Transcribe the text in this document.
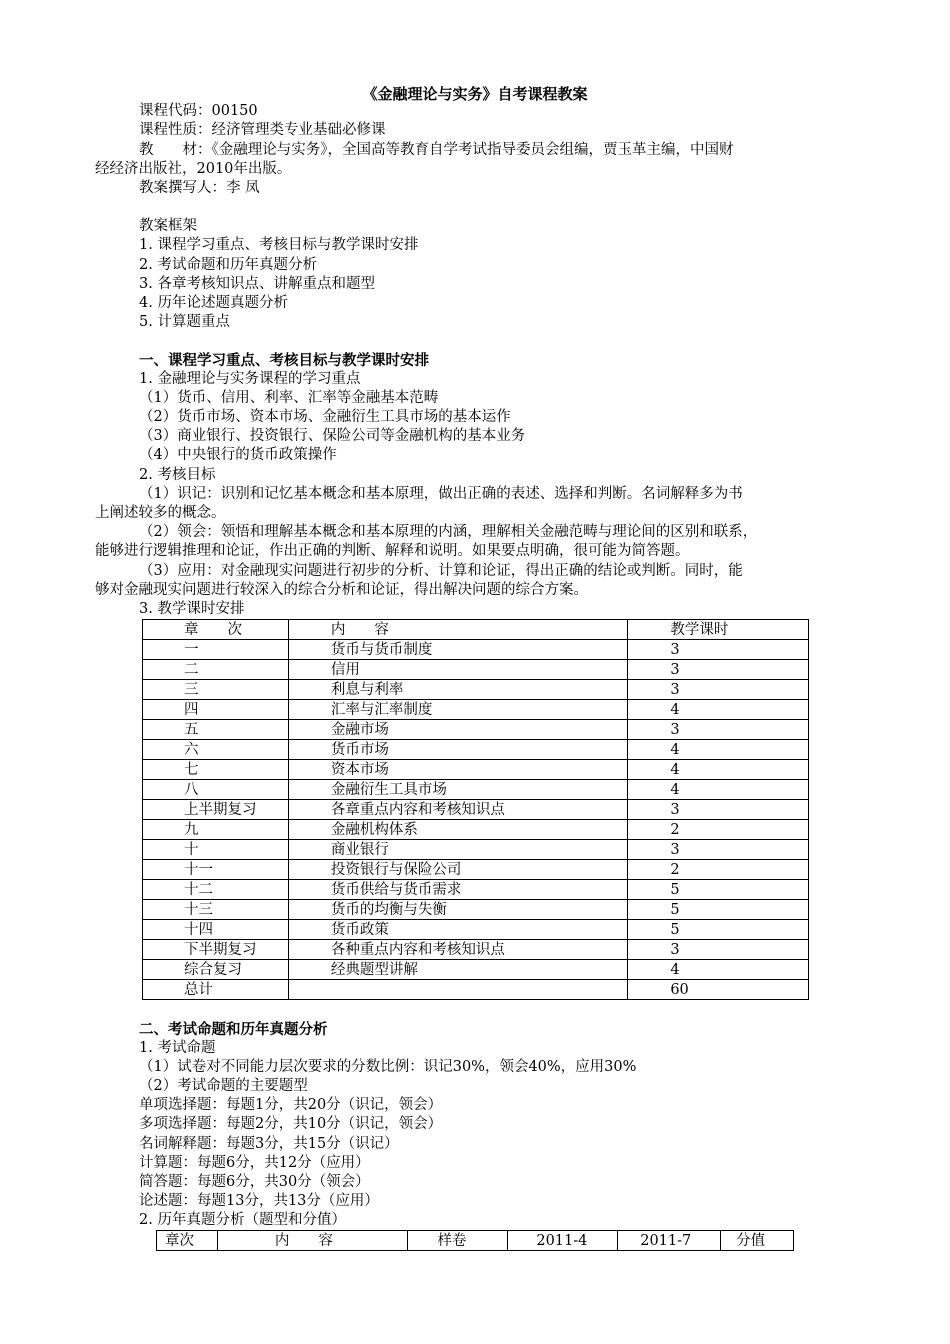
《金融理论与实务》自考课程教案
课程代码：00150
课程性质：经济管理类专业基础必修课
教　　材：《金融理论与实务》，全国高等教育自学考试指导委员会组编，贾玉革主编，中国财
经经济出版社，2010年出版。
教案撰写人：李 凤
教案框架
1. 课程学习重点、考核目标与教学课时安排
2. 考试命题和历年真题分析
3. 各章考核知识点、讲解重点和题型
4. 历年论述题真题分析
5. 计算题重点
一、课程学习重点、考核目标与教学课时安排
1. 金融理论与实务课程的学习重点
（1）货币、信用、利率、汇率等金融基本范畴
（2）货币市场、资本市场、金融衍生工具市场的基本运作
（3）商业银行、投资银行、保险公司等金融机构的基本业务
（4）中央银行的货币政策操作
2. 考核目标
（1）识记：识别和记忆基本概念和基本原理，做出正确的表述、选择和判断。名词解释多为书
上阐述较多的概念。
（2）领会：领悟和理解基本概念和基本原理的内涵，理解相关金融范畴与理论间的区别和联系，
能够进行逻辑推理和论证，作出正确的判断、解释和说明。如果要点明确，很可能为简答题。
（3）应用：对金融现实问题进行初步的分析、计算和论证，得出正确的结论或判断。同时，能
够对金融现实问题进行较深入的综合分析和论证，得出解决问题的综合方案。
3. 教学课时安排
章　　次	内　　容	教学课时

一	货币与货币制度	3

二	信用	3

三	利息与利率	3

四	汇率与汇率制度	4

五	金融市场	3

六	货币市场	4

七	资本市场	4

八	金融衍生工具市场	4

上半期复习	各章重点内容和考核知识点	3

九	金融机构体系	2

十	商业银行	3

十一	投资银行与保险公司	2

十二	货币供给与货币需求	5

十三	货币的均衡与失衡	5

十四	货币政策	5

下半期复习	各种重点内容和考核知识点	3

综合复习	经典题型讲解	4

总计		60
二、考试命题和历年真题分析
1. 考试命题
（1）试卷对不同能力层次要求的分数比例：识记30%，领会40%，应用30%
（2）考试命题的主要题型
单项选择题：每题1分，共20分（识记，领会）
多项选择题：每题2分，共10分（识记，领会）
名词解释题：每题3分，共15分（识记）
计算题：每题6分，共12分（应用）
简答题：每题6分，共30分（领会）
论述题：每题13分，共13分（应用）
2. 历年真题分析（题型和分值）
章次	内　　容	样卷	2011-4	2011-7	分值
